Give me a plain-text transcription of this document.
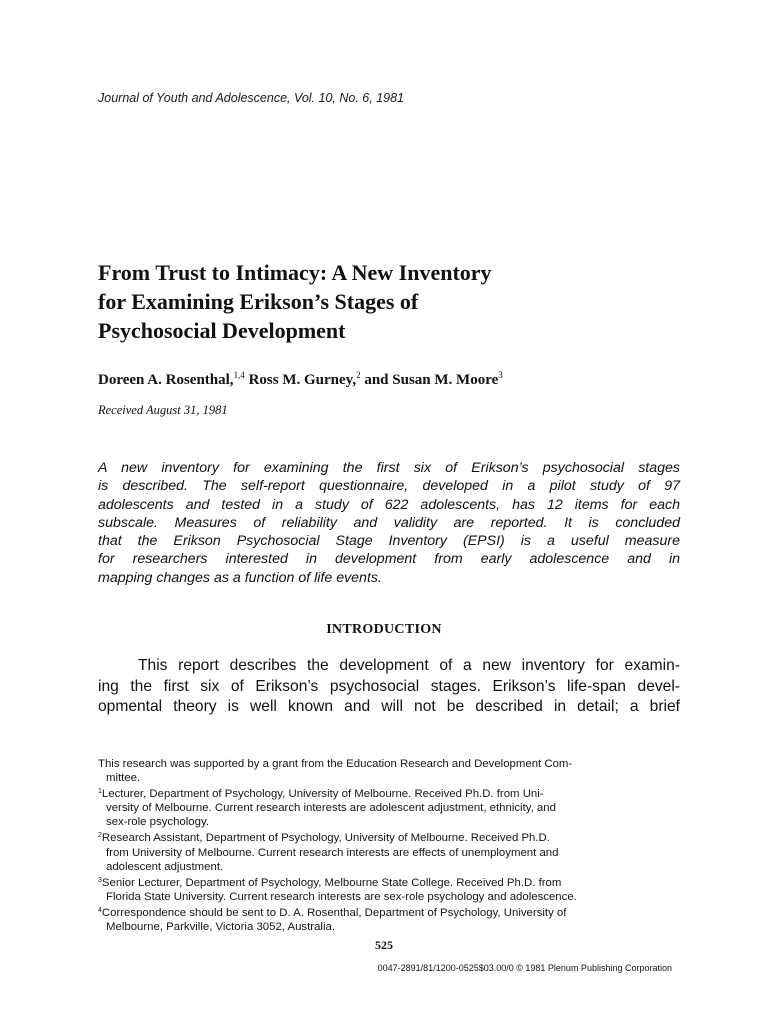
Journal of Youth and Adolescence, Vol. 10, No. 6, 1981
From Trust to Intimacy: A New Inventory
for Examining Erikson’s Stages of
Psychosocial Development
Doreen A. Rosenthal,$^{1,4}$ Ross M. Gurney,$^2$ and Susan M. Moore$^3$
Received August 31, 1981
A new inventory for examining the first six of Erikson’s psychosocial stages
is described. The self-report questionnaire, developed in a pilot study of 97
adolescents and tested in a study of 622 adolescents, has 12 items for each
subscale. Measures of reliability and validity are reported. It is concluded
that the Erikson Psychosocial Stage Inventory (EPSI) is a useful measure
for researchers interested in development from early adolescence and in
mapping changes as a function of life events.
INTRODUCTION
This report describes the development of a new inventory for examin-
ing the first six of Erikson’s psychosocial stages. Erikson’s life-span devel-
opmental theory is well known and will not be described in detail; a brief
This research was supported by a grant from the Education Research and Development Com-
mittee.
$^1$Lecturer, Department of Psychology, University of Melbourne. Received Ph.D. from Uni-
versity of Melbourne. Current research interests are adolescent adjustment, ethnicity, and
sex-role psychology.
$^2$Research Assistant, Department of Psychology, University of Melbourne. Received Ph.D.
from University of Melbourne. Current research interests are effects of unemployment and
adolescent adjustment.
$^3$Senior Lecturer, Department of Psychology, Melbourne State College. Received Ph.D. from
Florida State University. Current research interests are sex-role psychology and adolescence.
$^4$Correspondence should be sent to D. A. Rosenthal, Department of Psychology, University of
Melbourne, Parkville, Victoria 3052, Australia.
525
0047-2891/81/1200-0525$03.00/0 © 1981 Plenum Publishing Corporation
